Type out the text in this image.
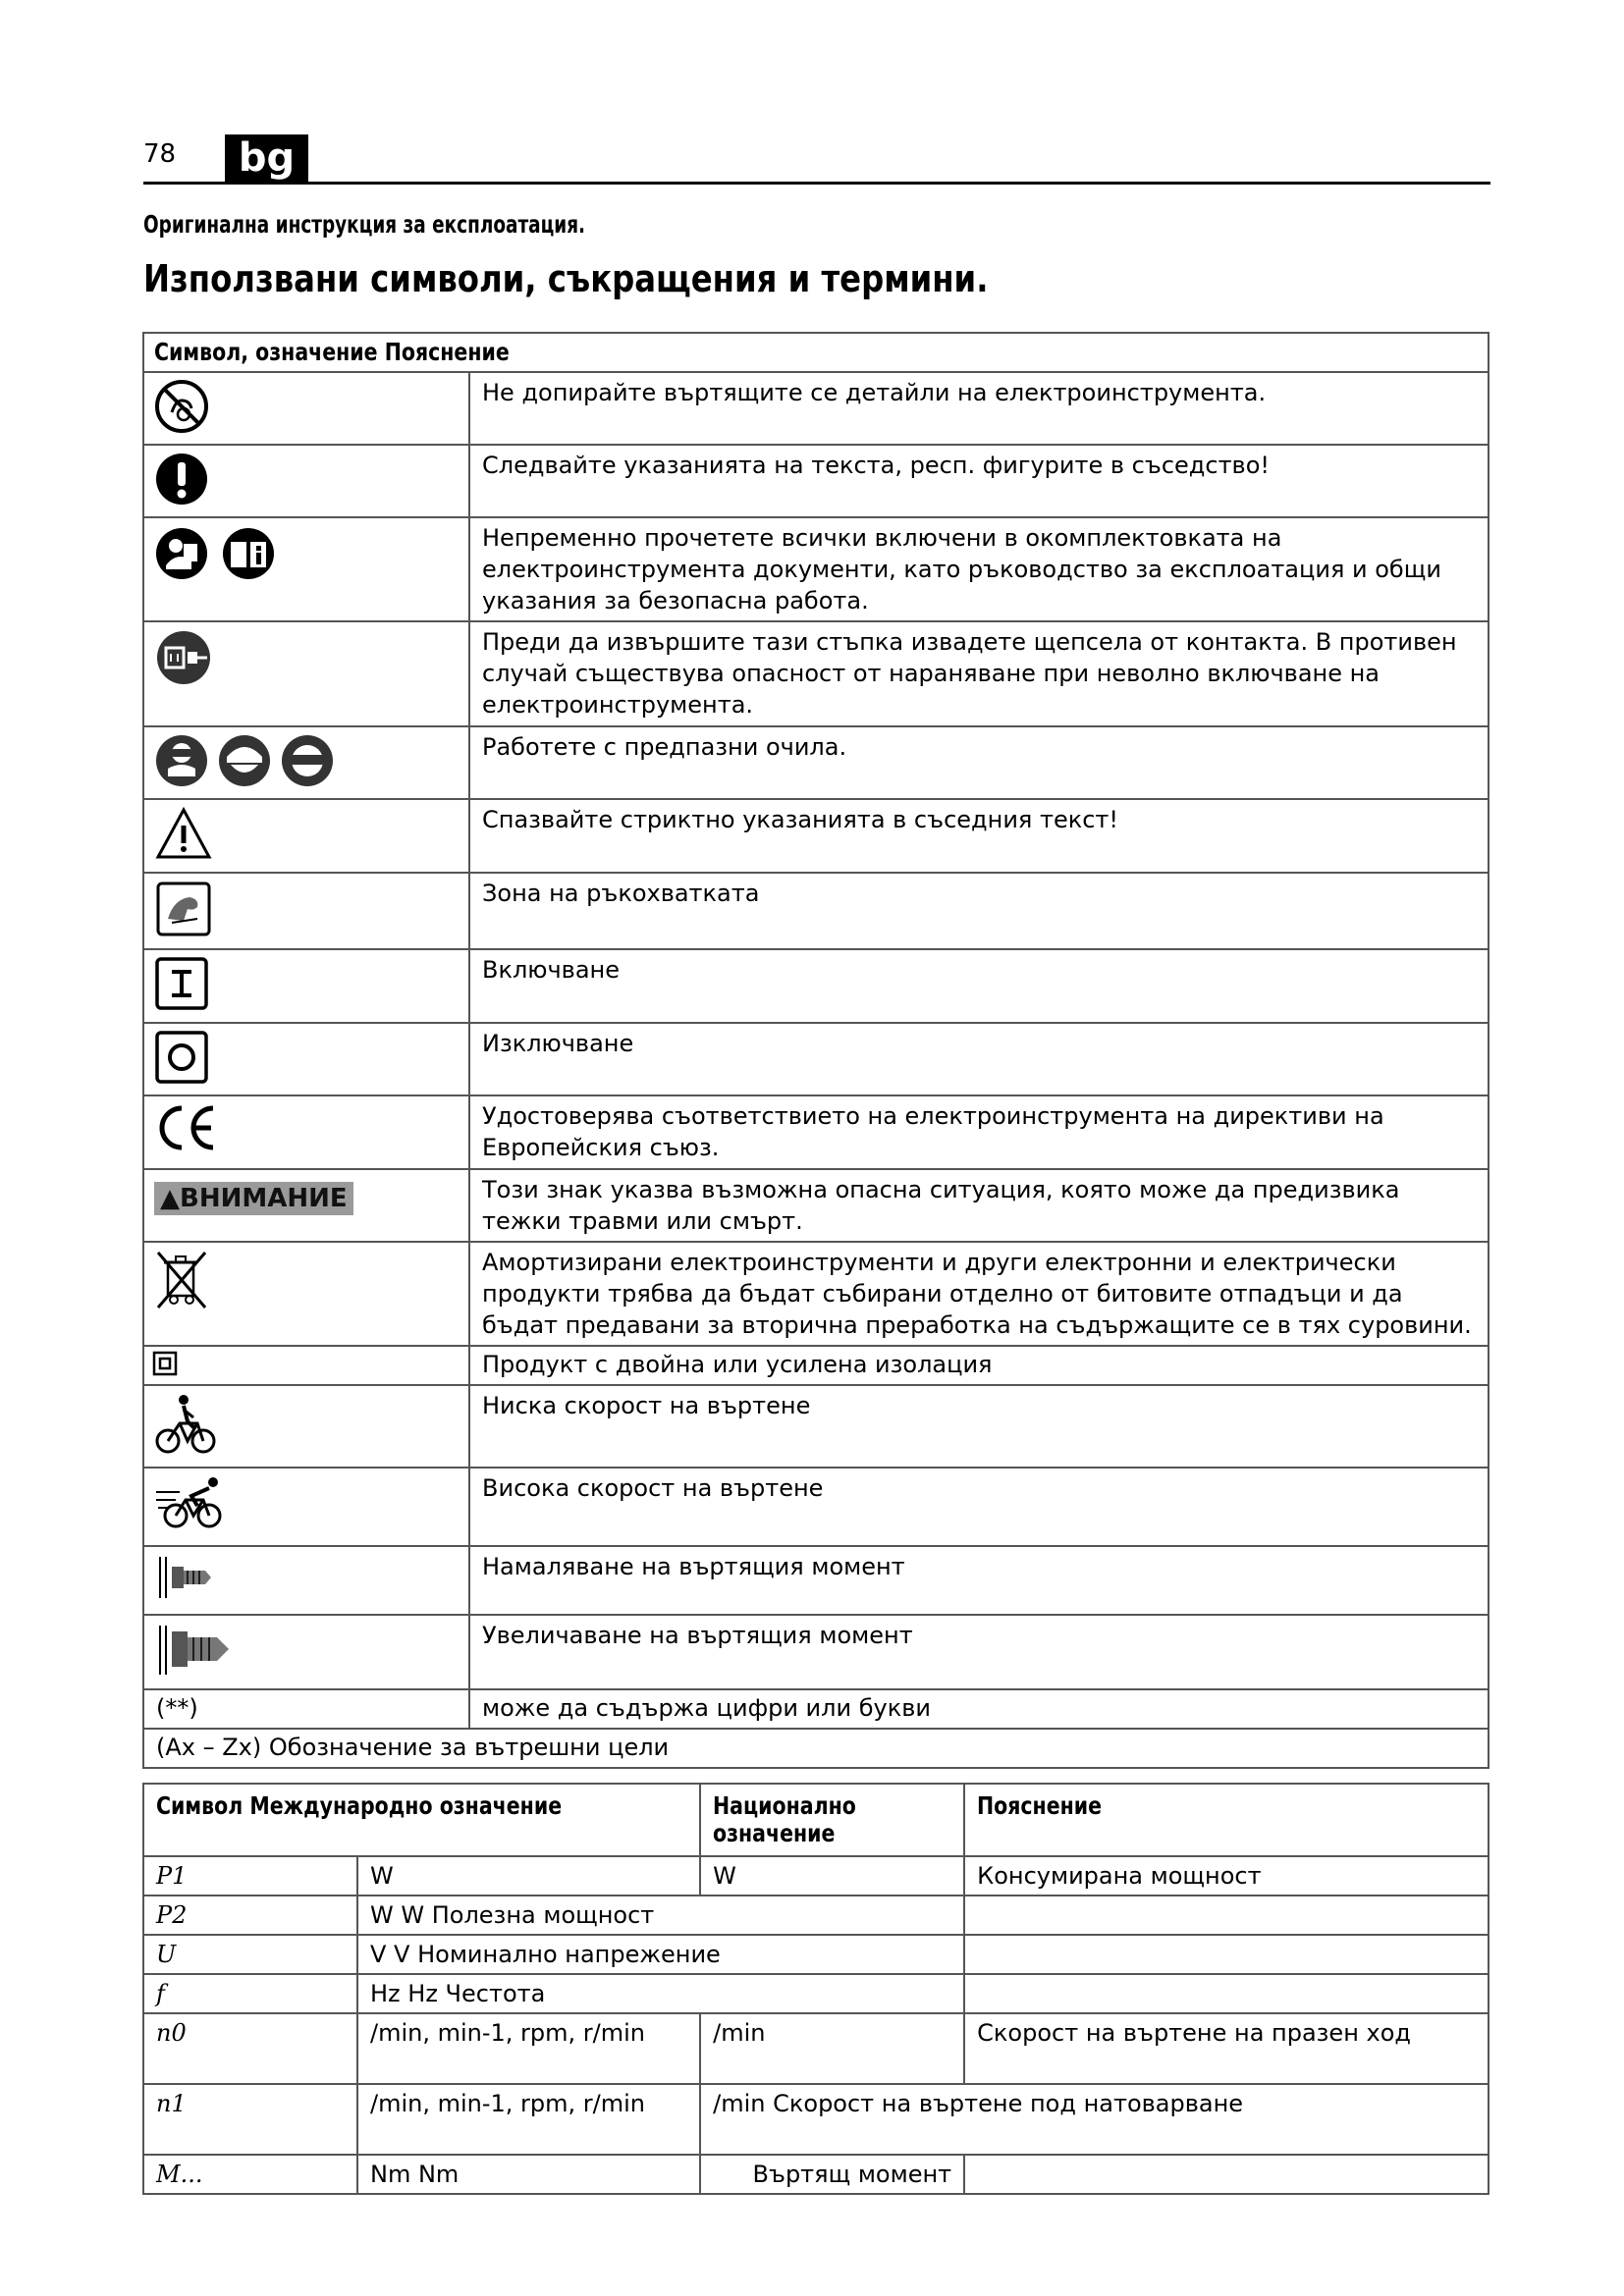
78	bg
Оригинална инструкция за експлоатация.
Използвани символи, съкращения и термини.
Символ, означение Пояснение	
	Не допирайте въртящите се детайли на електроинструмента.
	Следвайте указанията на текста, респ. фигурите в съседство!
	Непременно прочетете всички включени в окомплектовката на електроинструмента документи, като ръководство за експлоатация и общи указания за безопасна работа.
	Преди да извършите тази стъпка извадете щепсела от контакта. В противен случай съществува опасност от нараняване при неволно включване на електроинструмента.
	Работете с предпазни очила.
	Спазвайте стриктно указанията в съседния текст!
	Зона на ръкохватката
	Включване
	Изключване
	Удостоверява съответствието на електроинструмента на директиви на Европейския съюз.
▲ВНИМАНИЕ	Този знак указва възможна опасна ситуация, която може да предизвика тежки травми или смърт.
	Амортизирани електроинструменти и други електронни и електрически продукти трябва да бъдат събирани отделно от битовите отпадъци и да бъдат предавани за вторична преработка на съдържащите се в тях суровини.
	Продукт с двойна или усилена изолация
	Ниска скорост на въртене
	Висока скорост на въртене
	Намаляване на въртящия момент
	Увеличаване на въртящия момент
(**)	може да съдържа цифри или букви
(Ax – Zx) Обозначение за вътрешни цели	
Символ Международно означение		Национално означение	Пояснение
P1	W	W	Консумирана мощност
P2	W W Полезна мощност		
U	V V Номинално напрежение		
f	Hz Hz Честота		
n0	/min, min-1, rpm, r/min	/min	Скорост на въртене на празен ход
n1	/min, min-1, rpm, r/min	/min Скорост на въртене под натоварване	
M...	Nm Nm	Въртящ момент	
